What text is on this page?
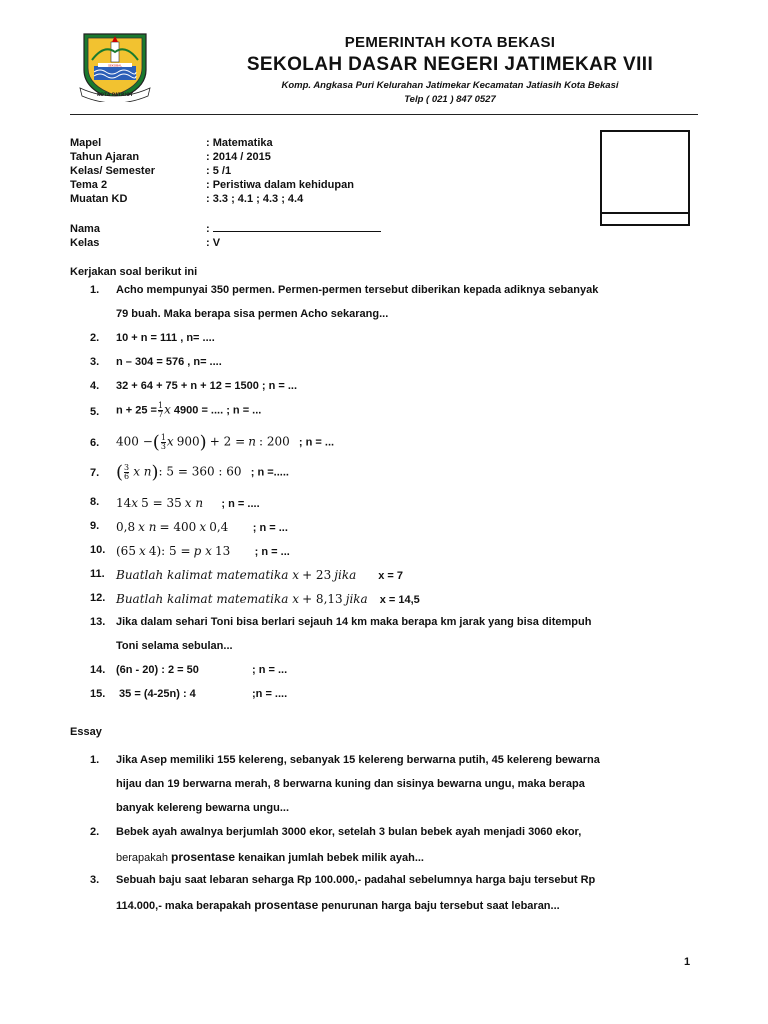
SEKOBAL
KOTA PATRIOT
PEMERINTAH KOTA BEKASI
SEKOLAH DASAR NEGERI JATIMEKAR VIII
Komp. Angkasa Puri Kelurahan Jatimekar Kecamatan Jatiasih Kota Bekasi
Telp ( 021 ) 847 0527
Mapel	: Matematika
Tahun Ajaran	: 2014 / 2015
Kelas/ Semester	: 5 /1
Tema 2	: Peristiwa dalam kehidupan
Muatan KD	: 3.3 ; 4.1 ; 4.3 ; 4.4
Nama	:
Kelas	: V
Kerjakan soal berikut ini
1.	Acho mempunyai 350 permen. Permen-permen tersebut diberikan kepada adiknya sebanyak
79 buah. Maka berapa sisa permen Acho sekarang...
2.	10 + n = 111 , n= ....
3.	n – 304 = 576 , n= ....
4.	32 + 64 + 75 + n + 12 = 1500 ; n = ...
5.	$n + 25 = \frac{1}{7}$ x 4900 = .... ; n = ...
6.	400 −( $\frac{1}{3}$ x 900) + 2 = n : 200   ; n = ...
7. ( $\frac{3}{6}$ x n): 5 = 360 : 60   ; n =.....
8.	14x 5 = 35 x n      ; n = ....
9.	0,8 x n = 400 x 0,4        ; n = ...
10. (65 x 4): 5 = p x 13        ; n = ...
11. Buatlah kalimat matematika x + 23 jika x = 7
12. Buatlah kalimat matematika x + 8,13 jika x = 14,5
13. Jika dalam sehari Toni bisa berlari sejauh 14 km maka berapa km jarak yang bisa ditempuh
Toni selama sebulan...
14. (6n - 20) : 2 = 50	; n = ...
15. 35 = (4-25n) : 4	;n = ....
Essay
1.	Jika Asep memiliki 155 kelereng, sebanyak 15 kelereng berwarna putih, 45 kelereng bewarna
hijau dan 19 berwarna merah, 8 berwarna kuning dan sisinya bewarna ungu, maka berapa
banyak kelereng bewarna ungu...
2.	Bebek ayah awalnya berjumlah 3000 ekor, setelah 3 bulan bebek ayah menjadi 3060 ekor,
berapakah prosentase kenaikan jumlah bebek milik ayah...
3.	Sebuah baju saat lebaran seharga Rp 100.000,- padahal sebelumnya harga baju tersebut Rp
114.000,- maka berapakah prosentase penurunan harga baju tersebut saat lebaran...
1
